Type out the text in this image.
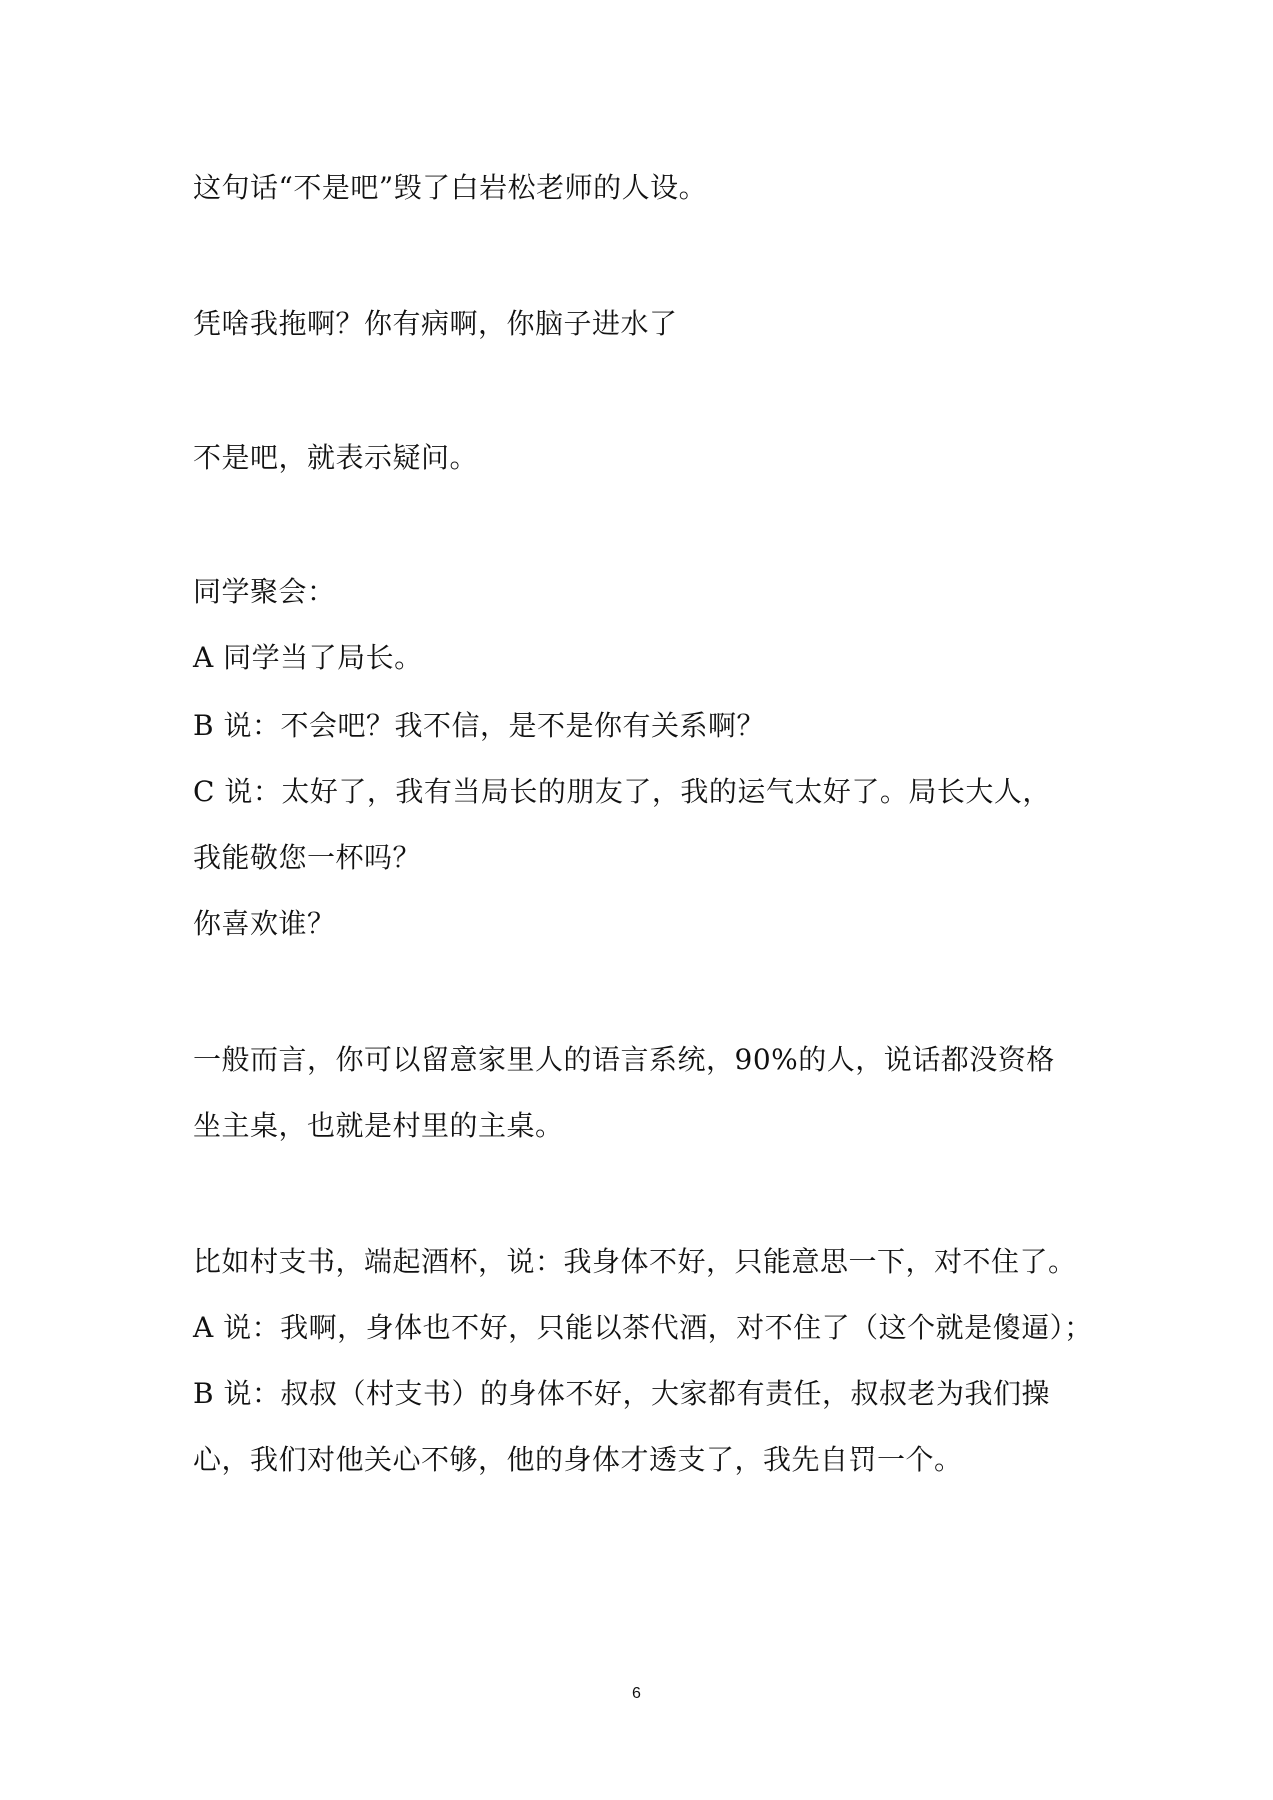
这句话“不是吧”毁了白岩松老师的人设。
凭啥我拖啊？你有病啊，你脑子进水了
不是吧，就表示疑问。
同学聚会：
A 同学当了局长。
B 说：不会吧？我不信，是不是你有关系啊？
C 说：太好了，我有当局长的朋友了，我的运气太好了。局长大人，
我能敬您一杯吗？
你喜欢谁？
一般而言，你可以留意家里人的语言系统，90%的人，说话都没资格
坐主桌，也就是村里的主桌。
比如村支书，端起酒杯，说：我身体不好，只能意思一下，对不住了。
A 说：我啊，身体也不好，只能以茶代酒，对不住了（这个就是傻逼）；
B 说：叔叔（村支书）的身体不好，大家都有责任，叔叔老为我们操
心，我们对他关心不够，他的身体才透支了，我先自罚一个。
6
